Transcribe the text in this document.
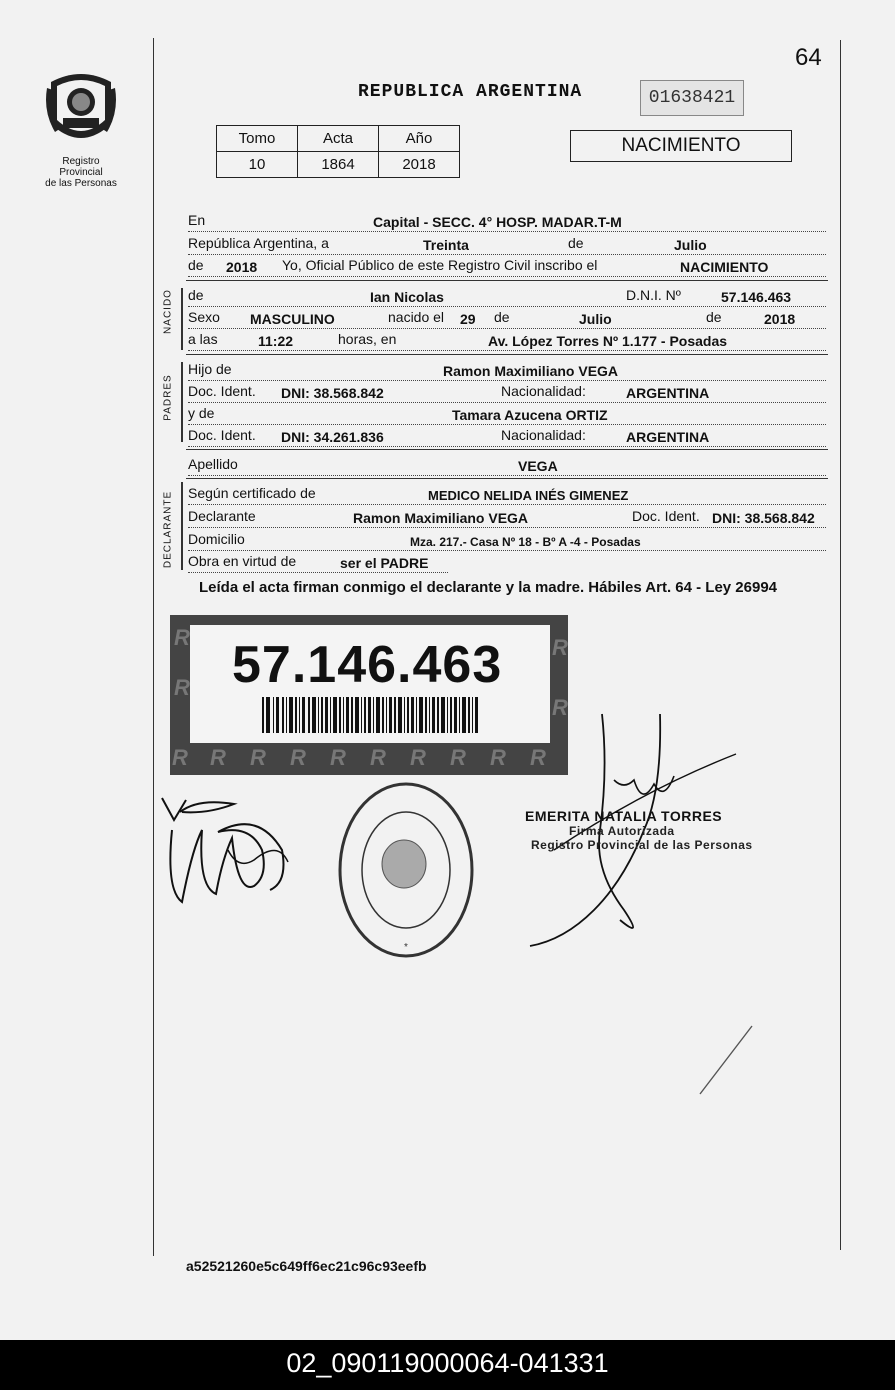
64
Registro Provincial
de las Personas
REPUBLICA ARGENTINA	01638421
Tomo	Acta	Año
10	1864	2018
NACIMIENTO
En	Capital - SECC. 4° HOSP. MADAR.T-M
República Argentina, a	Treinta	de	Julio
de 2018 Yo, Oficial Público de este Registro Civil inscribo el	NACIMIENTO
NACIDO de	Ian Nicolas	D.N.I. Nº	57.146.463
Sexo MASCULINO	nacido el 29 de	Julio	de	2018
a las	11:22	horas, en	Av. López Torres Nº 1.177 - Posadas
PADRES
Hijo de	Ramon Maximiliano VEGA
Doc. Ident. DNI: 38.568.842	Nacionalidad:	ARGENTINA
y de	Tamara Azucena ORTIZ
Doc. Ident. DNI: 34.261.836	Nacionalidad:	ARGENTINA
Apellido	VEGA
DECLARANTE Según certificado de	MEDICO NELIDA INÉS GIMENEZ
Declarante	Ramon Maximiliano VEGA	Doc. Ident. DNI: 38.568.842
Domicilio	Mza. 217.- Casa Nº 18 - Bº A -4 - Posadas
Obra en virtud de	ser el PADRE
Leída el acta firman conmigo el declarante y la madre. Hábiles Art. 64 - Ley 26994
R R R R R R R R R R
R
R
R
R 57.146.463
*
EMERITA NATALIA TORRES
Firma Autorizada
Registro Provincial de las Personas
a52521260e5c649ff6ec21c96c93eefb
02_090119000064-041331
